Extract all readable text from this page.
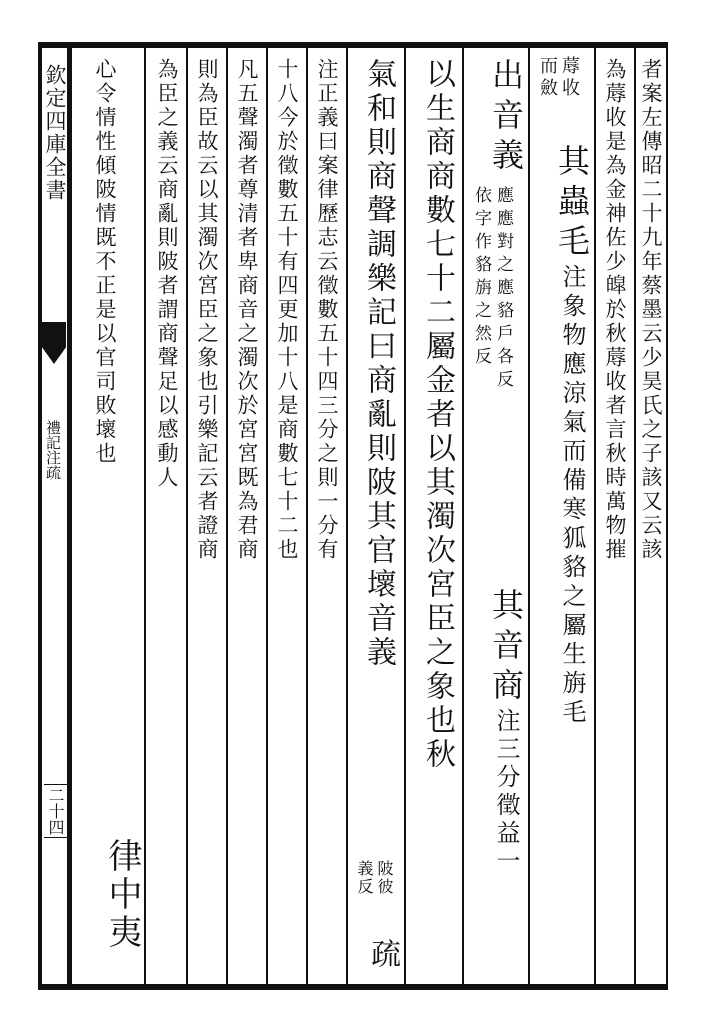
欽定四庫全書	心令情性傾陂情既不正是以官司敗壞也
律中夷
為臣之義云商亂則陂者謂商聲足以感動人 則為臣故云以其濁次宮臣之象也引樂記云者證商 凡五聲濁者尊清者卑商音之濁次於宮宮既為君商 十八今於徵數五十有四更加十八是商數七十二也 注正義曰案律歷志云徵數五十四三分之則一分有 氣和則商聲調樂記曰商亂則陂其官壞音義
陂彼
義反
疏
以生商商數七十二屬金者以其濁次宮臣之象也秋 出音義
應應對之應貉戶各反
依字作貉旃之然反
其音商注三分徵益一
蓐收
而斂
其蟲毛注象物應涼氣而備寒狐貉之屬生旃毛 為蓐收是為金神佐少皡於秋蓐收者言秋時萬物摧 者案左傳昭二十九年蔡墨云少昊氏之子該又云該
禮記注疏
二十四
